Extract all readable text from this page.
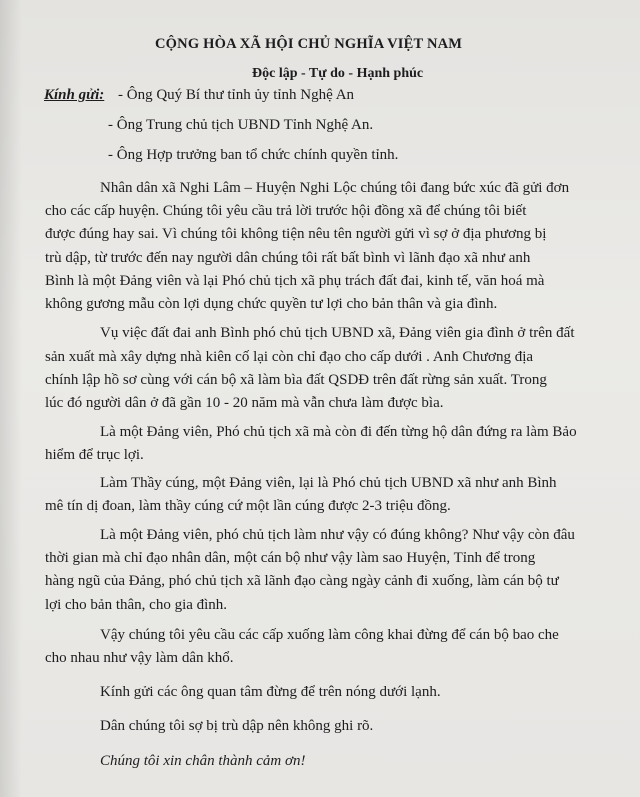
CỘNG HÒA XÃ HỘI CHỦ NGHĨA VIỆT NAM
Độc lập - Tự do - Hạnh phúc
Kính gửi: - Ông Quý Bí thư tỉnh ủy tỉnh Nghệ An
- Ông Trung chủ tịch UBND Tỉnh Nghệ An.
- Ông Hợp trưởng ban tổ chức chính quyền tỉnh.
Nhân dân xã Nghi Lâm – Huyện Nghi Lộc chúng tôi đang bức xúc đã gửi đơn
cho các cấp huyện. Chúng tôi yêu cầu trả lời trước hội đồng xã để chúng tôi biết
được đúng hay sai. Vì chúng tôi không tiện nêu tên người gửi vì sợ ở địa phương bị
trù dập, từ trước đến nay người dân chúng tôi rất bất bình vì lãnh đạo xã như anh
Bình là một Đảng viên và lại Phó chủ tịch xã phụ trách đất đai, kinh tế, văn hoá mà
không gương mẫu còn lợi dụng chức quyền tư lợi cho bản thân và gia đình.
Vụ việc đất đai anh Bình phó chủ tịch UBND xã, Đảng viên gia đình ở trên đất
sản xuất mà xây dựng nhà kiên cố lại còn chỉ đạo cho cấp dưới . Anh Chương địa
chính lập hồ sơ cùng với cán bộ xã làm bìa đất QSDĐ trên đất rừng sản xuất. Trong
lúc đó người dân ở đã gần 10 - 20 năm mà vẫn chưa làm được bìa.
Là một Đảng viên, Phó chủ tịch xã mà còn đi đến từng hộ dân đứng ra làm Bảo
hiểm để trục lợi.
Làm Thầy cúng, một Đảng viên, lại là Phó chủ tịch UBND xã như anh Bình
mê tín dị đoan, làm thầy cúng cứ một lần cúng được 2-3 triệu đồng.
Là một Đảng viên, phó chủ tịch làm như vậy có đúng không? Như vậy còn đâu
thời gian mà chỉ đạo nhân dân, một cán bộ như vậy làm sao Huyện, Tỉnh để trong
hàng ngũ của Đảng, phó chủ tịch xã lãnh đạo càng ngày cảnh đi xuống, làm cán bộ tư
lợi cho bản thân, cho gia đình.
Vậy chúng tôi yêu cầu các cấp xuống làm công khai đừng để cán bộ bao che
cho nhau như vậy làm dân khổ.
Kính gửi các ông quan tâm đừng để trên nóng dưới lạnh.
Dân chúng tôi sợ bị trù dập nên không ghi rõ.
Chúng tôi xin chân thành cảm ơn!
